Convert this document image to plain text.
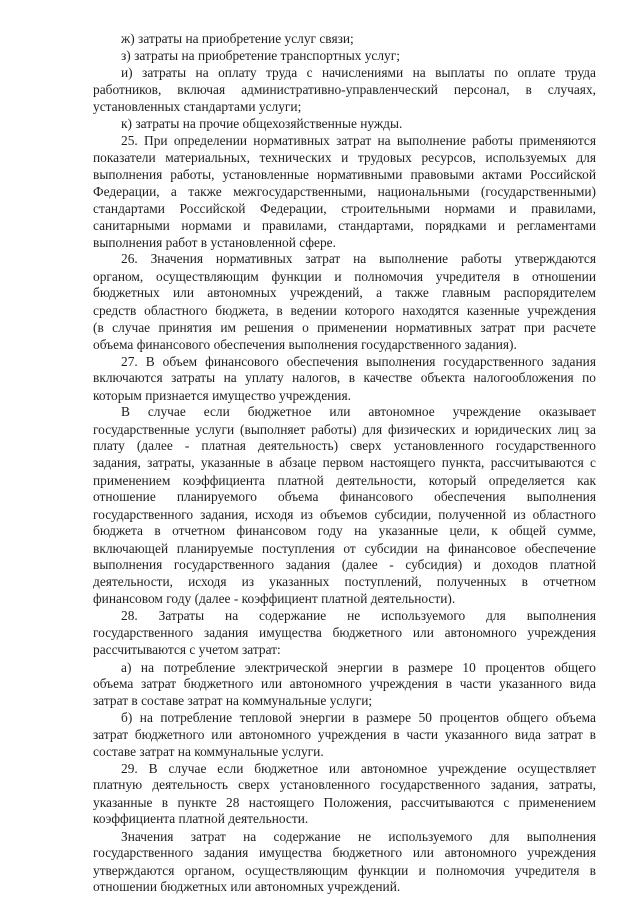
ж) затраты на приобретение услуг связи;
з) затраты на приобретение транспортных услуг;
и) затраты на оплату труда с начислениями на выплаты по оплате труда
работников, включая административно-управленческий персонал, в случаях,
установленных стандартами услуги;
к) затраты на прочие общехозяйственные нужды.
25. При определении нормативных затрат на выполнение работы применяются
показатели материальных, технических и трудовых ресурсов, используемых для
выполнения работы, установленные нормативными правовыми актами Российской
Федерации, а также межгосударственными, национальными (государственными)
стандартами Российской Федерации, строительными нормами и правилами,
санитарными нормами и правилами, стандартами, порядками и регламентами
выполнения работ в установленной сфере.
26. Значения нормативных затрат на выполнение работы утверждаются
органом, осуществляющим функции и полномочия учредителя в отношении
бюджетных или автономных учреждений, а также главным распорядителем
средств областного бюджета, в ведении которого находятся казенные учреждения
(в случае принятия им решения о применении нормативных затрат при расчете
объема финансового обеспечения выполнения государственного задания).
27. В объем финансового обеспечения выполнения государственного задания
включаются затраты на уплату налогов, в качестве объекта налогообложения по
которым признается имущество учреждения.
В случае если бюджетное или автономное учреждение оказывает
государственные услуги (выполняет работы) для физических и юридических лиц за
плату (далее - платная деятельность) сверх установленного государственного
задания, затраты, указанные в абзаце первом настоящего пункта, рассчитываются с
применением коэффициента платной деятельности, который определяется как
отношение планируемого объема финансового обеспечения выполнения
государственного задания, исходя из объемов субсидии, полученной из областного
бюджета в отчетном финансовом году на указанные цели, к общей сумме,
включающей планируемые поступления от субсидии на финансовое обеспечение
выполнения государственного задания (далее - субсидия) и доходов платной
деятельности, исходя из указанных поступлений, полученных в отчетном
финансовом году (далее - коэффициент платной деятельности).
28. Затраты на содержание не используемого для выполнения
государственного задания имущества бюджетного или автономного учреждения
рассчитываются с учетом затрат:
а) на потребление электрической энергии в размере 10 процентов общего
объема затрат бюджетного или автономного учреждения в части указанного вида
затрат в составе затрат на коммунальные услуги;
б) на потребление тепловой энергии в размере 50 процентов общего объема
затрат бюджетного или автономного учреждения в части указанного вида затрат в
составе затрат на коммунальные услуги.
29. В случае если бюджетное или автономное учреждение осуществляет
платную деятельность сверх установленного государственного задания, затраты,
указанные в пункте 28 настоящего Положения, рассчитываются с применением
коэффициента платной деятельности.
Значения затрат на содержание не используемого для выполнения
государственного задания имущества бюджетного или автономного учреждения
утверждаются органом, осуществляющим функции и полномочия учредителя в
отношении бюджетных или автономных учреждений.
